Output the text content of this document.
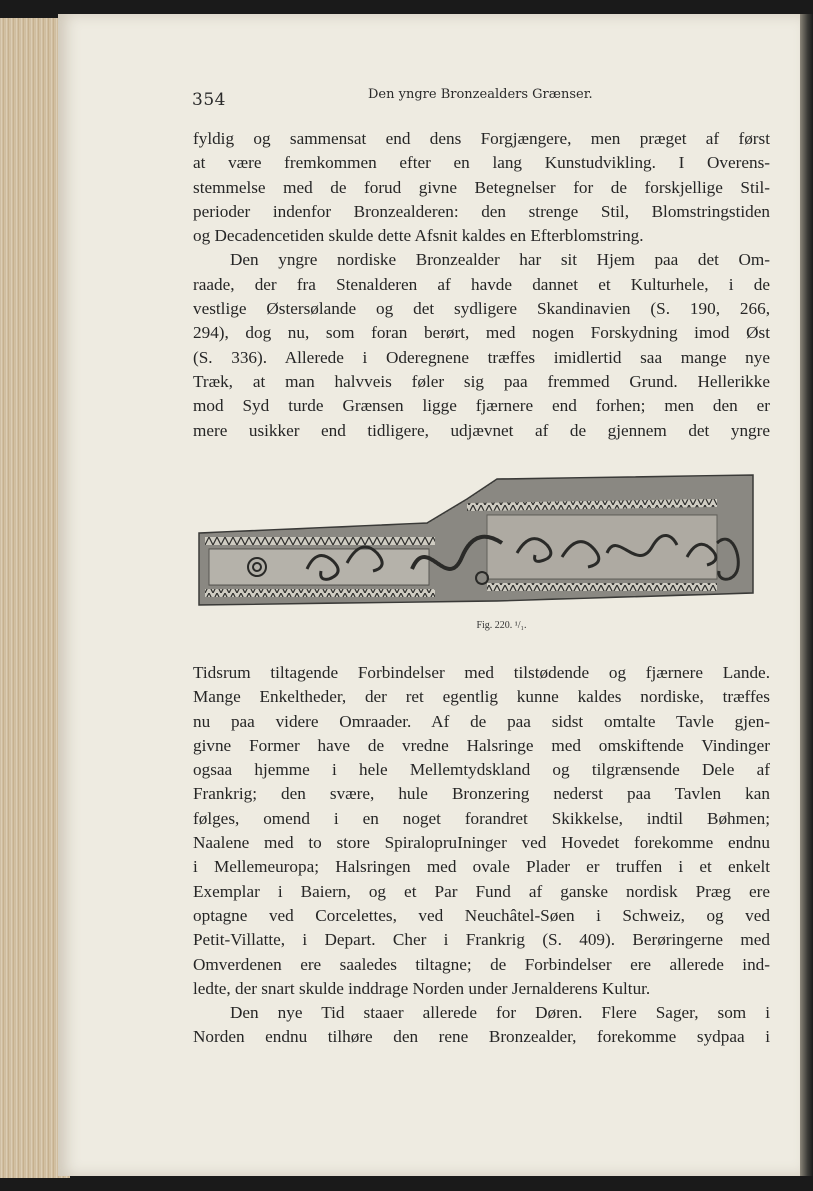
354	Den yngre Bronzealders Grænser.
fyldig og sammensat end dens Forgjængere, men præget af først
at være fremkommen efter en lang Kunstudvikling. I Overens-
stemmelse med de forud givne Betegnelser for de forskjellige Stil-
perioder indenfor Bronzealderen: den strenge Stil, Blomstringstiden
og Decadencetiden skulde dette Afsnit kaldes en Efterblomstring.
Den yngre nordiske Bronzealder har sit Hjem paa det Om-
raade, der fra Stenalderen af havde dannet et Kulturhele, i de
vestlige Østersølande og det sydligere Skandinavien (S. 190, 266,
294), dog nu, som foran berørt, med nogen Forskydning imod Øst
(S. 336). Allerede i Oderegnene træffes imidlertid saa mange nye
Træk, at man halvveis føler sig paa fremmed Grund. Hellerikke
mod Syd turde Grænsen ligge fjærnere end forhen; men den er
mere usikker end tidligere, udjævnet af de gjennem det yngre
Fig. 220. ¹/₁.
Tidsrum tiltagende Forbindelser med tilstødende og fjærnere Lande.
Mange Enkeltheder, der ret egentlig kunne kaldes nordiske, træffes
nu paa videre Omraader. Af de paa sidst omtalte Tavle gjen-
givne Former have de vredne Halsringe med omskiftende Vindinger
ogsaa hjemme i hele Mellemtydskland og tilgrænsende Dele af
Frankrig; den svære, hule Bronzering nederst paa Tavlen kan
følges, omend i en noget forandret Skikkelse, indtil Bøhmen;
Naalene med to store SpiralopruIninger ved Hovedet forekomme endnu
i Mellemeuropa; Halsringen med ovale Plader er truffen i et enkelt
Exemplar i Baiern, og et Par Fund af ganske nordisk Præg ere
optagne ved Corcelettes, ved Neuchâtel-Søen i Schweiz, og ved
Petit-Villatte, i Depart. Cher i Frankrig (S. 409). Berøringerne med
Omverdenen ere saaledes tiltagne; de Forbindelser ere allerede ind-
ledte, der snart skulde inddrage Norden under Jernalderens Kultur.
Den nye Tid staaer allerede for Døren. Flere Sager, som i
Norden endnu tilhøre den rene Bronzealder, forekomme sydpaa i
